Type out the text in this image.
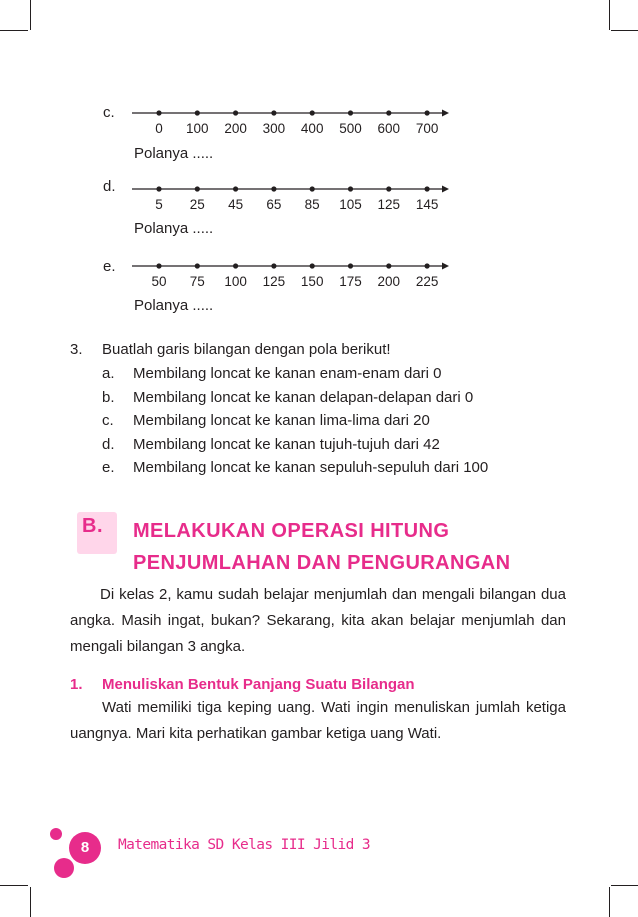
c.
0 100 200 300 400 500 600 700
Polanya .....
d.
5 25 45 65 85 105 125 145
Polanya .....
e.
50 75 100 125 150 175 200 225
Polanya .....
3.	Buatlah garis bilangan dengan pola berikut!
a.	Membilang loncat ke kanan enam-enam dari 0
b.	Membilang loncat ke kanan delapan-delapan dari 0
c.	Membilang loncat ke kanan lima-lima dari 20
d.	Membilang loncat ke kanan tujuh-tujuh dari 42
e.	Membilang loncat ke kanan sepuluh-sepuluh dari 100
B. MELAKUKAN OPERASI HITUNG
PENJUMLAHAN DAN PENGURANGAN

Di kelas 2, kamu sudah belajar menjumlah dan mengali bilangan dua angka. Masih ingat, bukan? Sekarang, kita akan belajar menjumlah dan mengali bilangan 3 angka.

1. Menuliskan Bentuk Panjang Suatu Bilangan

Wati memiliki tiga keping uang. Wati ingin menuliskan jumlah ketiga uangnya. Mari kita perhatikan gambar ketiga uang Wati.

8	Matematika SD Kelas III Jilid 3
